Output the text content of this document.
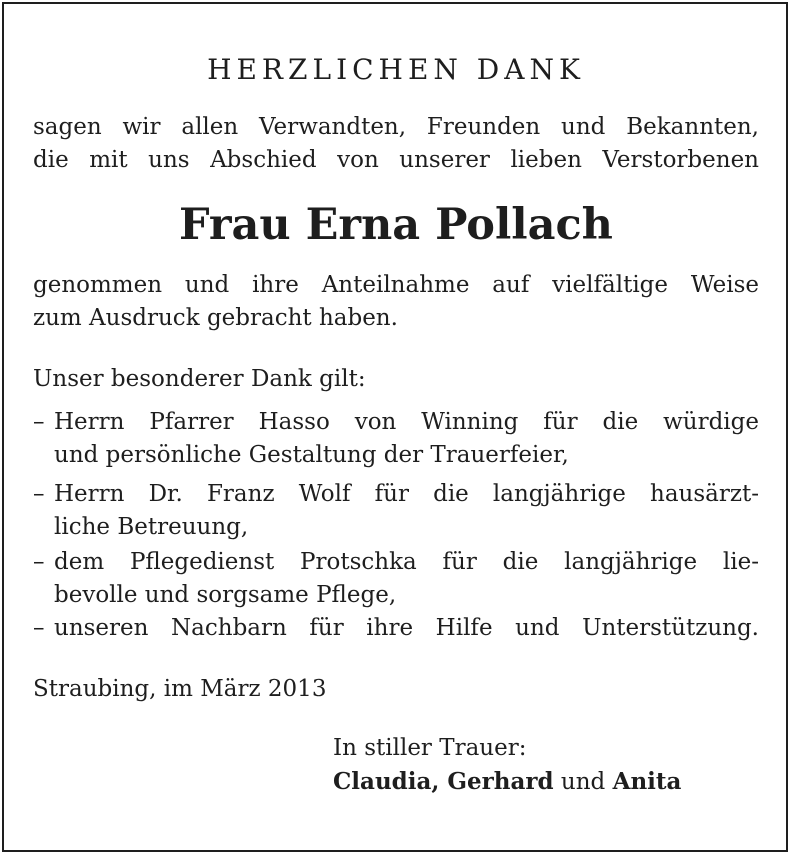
HERZLICHEN DANK
sagen wir allen Verwandten, Freunden und Bekannten,
die mit uns Abschied von unserer lieben Verstorbenen
Frau Erna Pollach
genommen und ihre Anteilnahme auf vielfältige Weise
zum Ausdruck gebracht haben.
Unser besonderer Dank gilt:
– Herrn Pfarrer Hasso von Winning für die würdige
und persönliche Gestaltung der Trauerfeier,
– Herrn Dr. Franz Wolf für die langjährige hausärzt-
liche Betreuung,
– dem Pflegedienst Protschka für die langjährige lie-
bevolle und sorgsame Pflege,
– unseren Nachbarn für ihre Hilfe und Unterstützung.
Straubing, im März 2013
In stiller Trauer:
Claudia, Gerhard und Anita
